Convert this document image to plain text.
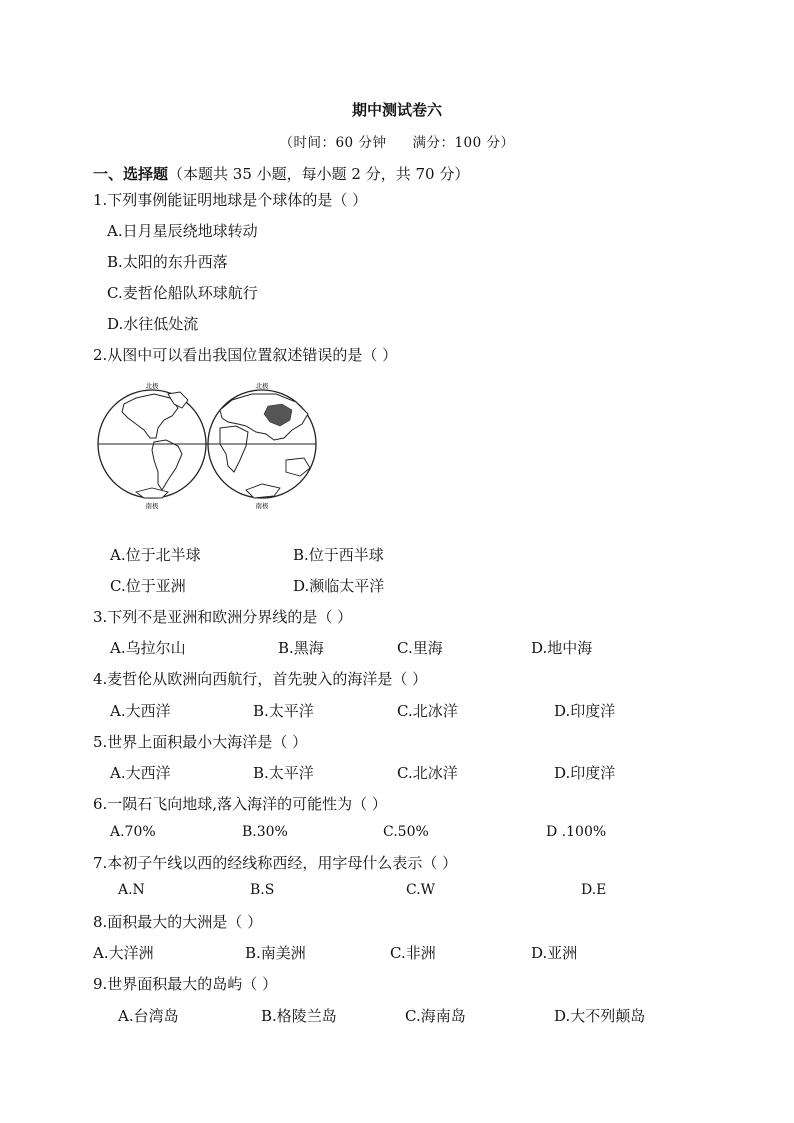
期中测试卷六
（时间：60 分钟 满分：100 分）
一、选择题（本题共 35 小题，每小题 2 分，共 70 分）
1.下列事例能证明地球是个球体的是（ ）
A.日月星辰绕地球转动
B.太阳的东升西落
C.麦哲伦船队环球航行
D.水往低处流
2.从图中可以看出我国位置叙述错误的是（ ）
北极	北极
南极	南极
A.位于北半球	B.位于西半球
C.位于亚洲	D.濒临太平洋
3.下列不是亚洲和欧洲分界线的是（ ）
A.乌拉尔山	B.黑海	C.里海	D.地中海
4.麦哲伦从欧洲向西航行，首先驶入的海洋是（ ）
A.大西洋	B.太平洋	C.北冰洋	D.印度洋
5.世界上面积最小大海洋是（ ）
A.大西洋	B.太平洋	C.北冰洋	D.印度洋
6.一陨石飞向地球,落入海洋的可能性为（ ）
A.70%	B.30%	C.50%	D .100%
7.本初子午线以西的经线称西经，用字母什么表示（ ）
A.N	B.S	C.W	D.E
8.面积最大的大洲是（ ）
A.大洋洲	B.南美洲	C.非洲	D.亚洲
9.世界面积最大的岛屿（ ）
A.台湾岛	B.格陵兰岛	C.海南岛	D.大不列颠岛
